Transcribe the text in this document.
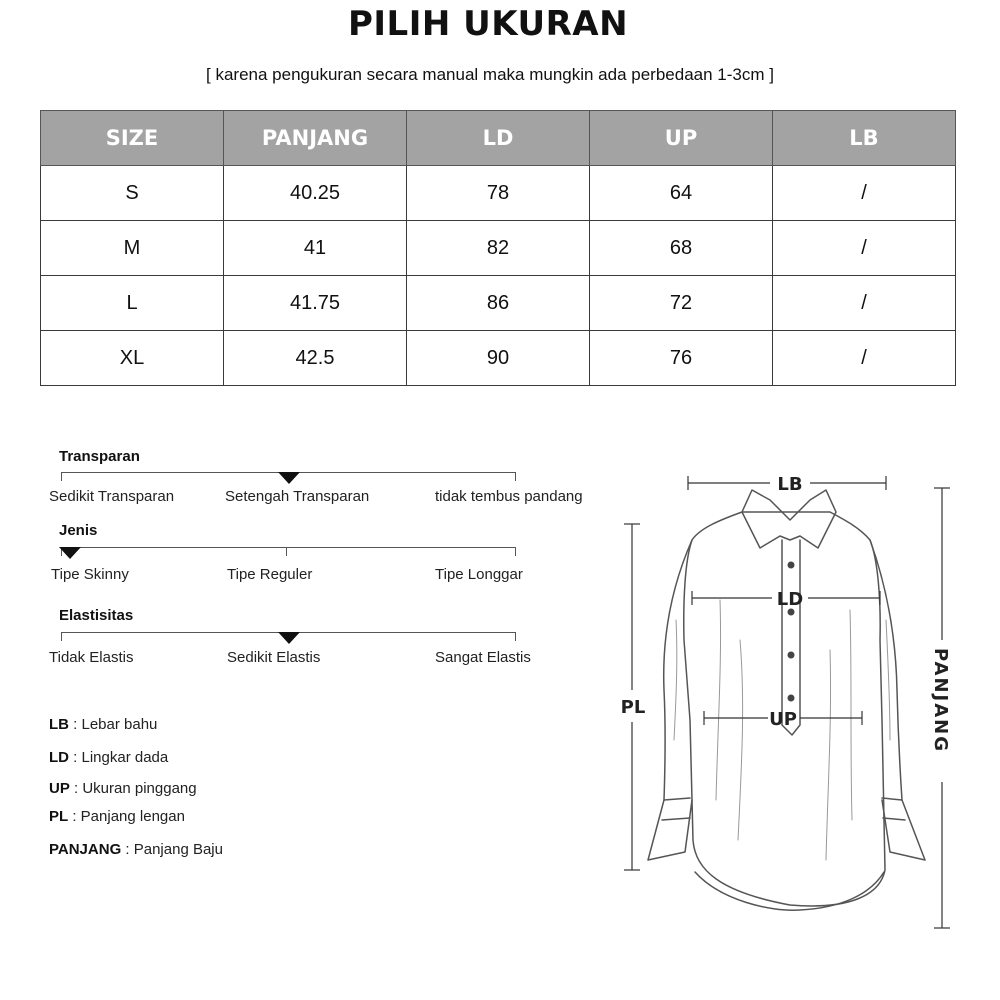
PILIH UKURAN
[ karena pengukuran secara manual maka mungkin ada perbedaan 1-3cm ]
SIZE	PANJANG	LD	UP	LB
S	40.25	78	64	/
M	41	82	68	/
L	41.75	86	72	/
XL	42.5	90	76	/
Transparan
Sedikit Transparan	Setengah Transparan	tidak tembus pandang
Jenis
Tipe Skinny	Tipe Reguler	Tipe Longgar
Elastisitas
Tidak Elastis	Sedikit Elastis	Sangat Elastis
LB : Lebar bahu
LD : Lingkar dada
UP : Ukuran pinggang
PL : Panjang lengan
PANJANG : Panjang Baju
LB
LD
UP
PL	PANJANG
